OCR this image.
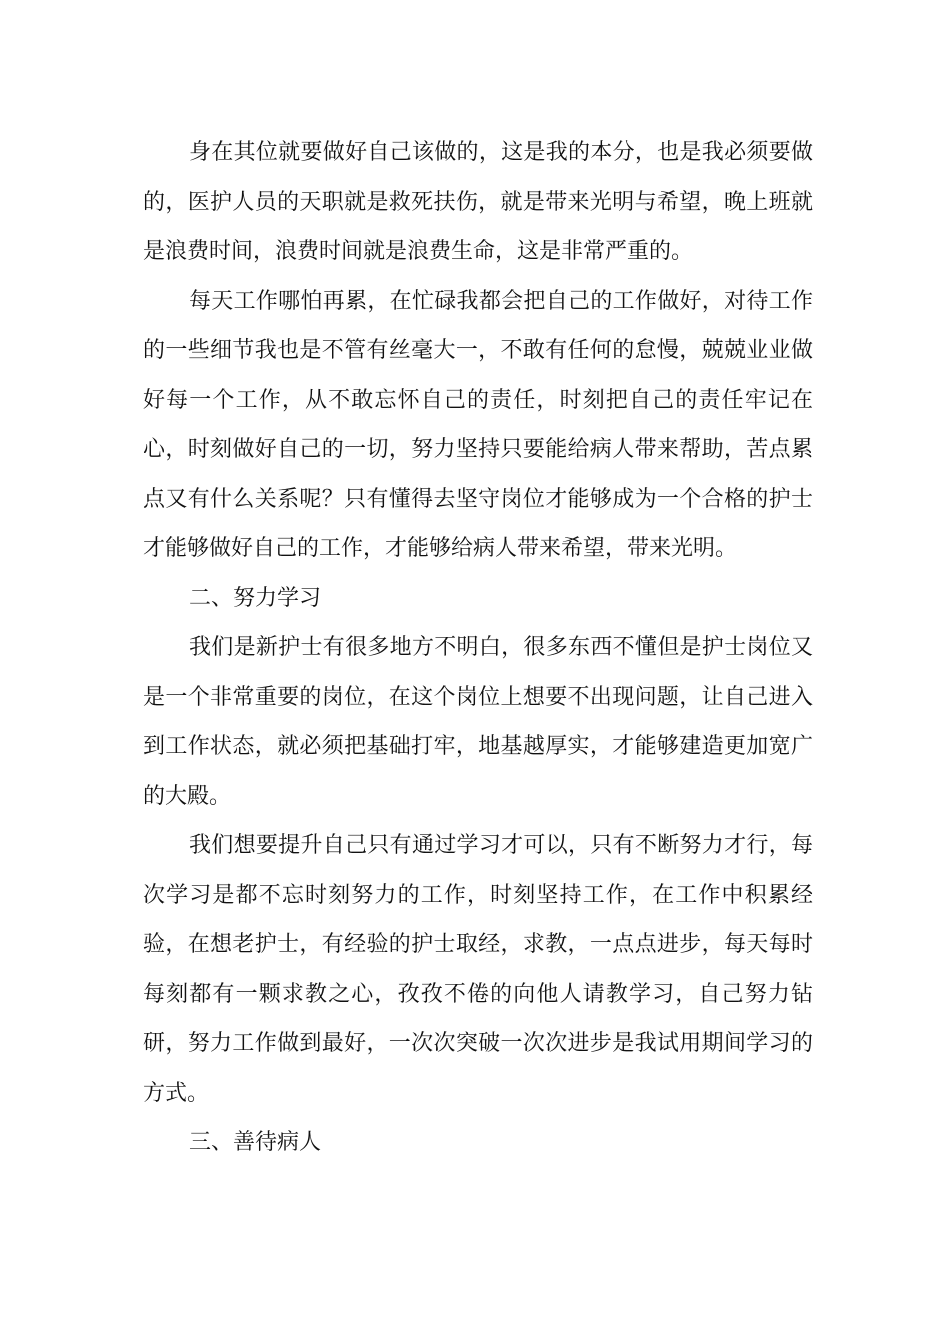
身在其位就要做好自己该做的，这是我的本分，也是我必须要做的，医护人员的天职就是救死扶伤，就是带来光明与希望，晚上班就是浪费时间，浪费时间就是浪费生命，这是非常严重的。

每天工作哪怕再累，在忙碌我都会把自己的工作做好，对待工作的一些细节我也是不管有丝毫大一，不敢有任何的怠慢，兢兢业业做好每一个工作，从不敢忘怀自己的责任，时刻把自己的责任牢记在心，时刻做好自己的一切，努力坚持只要能给病人带来帮助，苦点累点又有什么关系呢？只有懂得去坚守岗位才能够成为一个合格的护士才能够做好自己的工作，才能够给病人带来希望，带来光明。

二、努力学习

我们是新护士有很多地方不明白，很多东西不懂但是护士岗位又是一个非常重要的岗位，在这个岗位上想要不出现问题，让自己进入到工作状态，就必须把基础打牢，地基越厚实，才能够建造更加宽广的大殿。

我们想要提升自己只有通过学习才可以，只有不断努力才行，每次学习是都不忘时刻努力的工作，时刻坚持工作，在工作中积累经验，在想老护士，有经验的护士取经，求教，一点点进步，每天每时每刻都有一颗求教之心，孜孜不倦的向他人请教学习，自己努力钻研，努力工作做到最好，一次次突破一次次进步是我试用期间学习的方式。

三、善待病人
